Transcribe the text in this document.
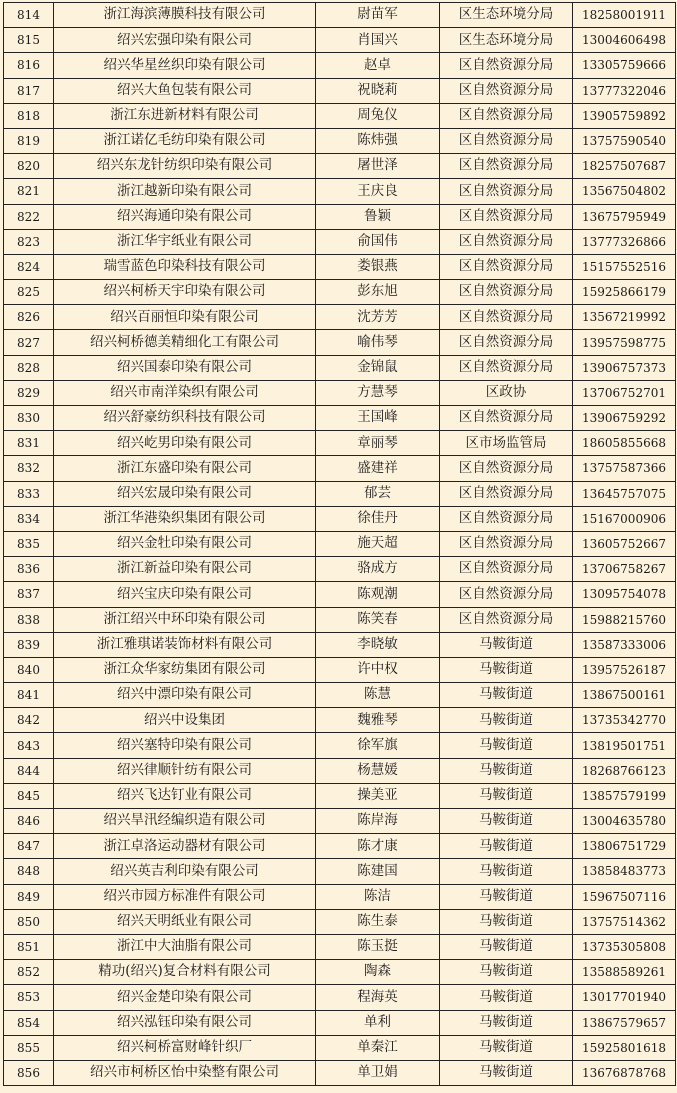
814	浙江海滨薄膜科技有限公司	尉苗军	区生态环境分局	18258001911
815	绍兴宏强印染有限公司	肖国兴	区生态环境分局	13004606498
816	绍兴华星丝织印染有限公司	赵卓	区自然资源分局	13305759666
817	绍兴大鱼包装有限公司	祝晓莉	区自然资源分局	13777322046
818	浙江东进新材料有限公司	周兔仪	区自然资源分局	13905759892
819	浙江诺亿毛纺印染有限公司	陈炜强	区自然资源分局	13757590540
820	绍兴东龙针纺织印染有限公司	屠世泽	区自然资源分局	18257507687
821	浙江越新印染有限公司	王庆良	区自然资源分局	13567504802
822	绍兴海通印染有限公司	鲁颖	区自然资源分局	13675795949
823	浙江华宇纸业有限公司	俞国伟	区自然资源分局	13777326866
824	瑞雪蓝色印染科技有限公司	娄银燕	区自然资源分局	15157552516
825	绍兴柯桥天宇印染有限公司	彭东旭	区自然资源分局	15925866179
826	绍兴百丽恒印染有限公司	沈芳芳	区自然资源分局	13567219992
827	绍兴柯桥德美精细化工有限公司	喻伟琴	区自然资源分局	13957598775
828	绍兴国泰印染有限公司	金锦鼠	区自然资源分局	13906757373
829	绍兴市南洋染织有限公司	方慧琴	区政协	13706752701
830	绍兴舒豪纺织科技有限公司	王国峰	区自然资源分局	13906759292
831	绍兴屹男印染有限公司	章丽琴	区市场监管局	18605855668
832	浙江东盛印染有限公司	盛建祥	区自然资源分局	13757587366
833	绍兴宏晟印染有限公司	郁芸	区自然资源分局	13645757075
834	浙江华港染织集团有限公司	徐佳丹	区自然资源分局	15167000906
835	绍兴金牡印染有限公司	施天超	区自然资源分局	13605752667
836	浙江新益印染有限公司	骆成方	区自然资源分局	13706758267
837	绍兴宝庆印染有限公司	陈观潮	区自然资源分局	13095754078
838	浙江绍兴中环印染有限公司	陈笑春	区自然资源分局	15988215760
839	浙江雅琪诺装饰材料有限公司	李晓敏	马鞍街道	13587333006
840	浙江众华家纺集团有限公司	许中权	马鞍街道	13957526187
841	绍兴中漂印染有限公司	陈慧	马鞍街道	13867500161
842	绍兴中设集团	魏雅琴	马鞍街道	13735342770
843	绍兴塞特印染有限公司	徐军旗	马鞍街道	13819501751
844	绍兴律顺针纺有限公司	杨慧媛	马鞍街道	18268766123
845	绍兴飞达钉业有限公司	操美亚	马鞍街道	13857579199
846	绍兴旱汛经编织造有限公司	陈岸海	马鞍街道	13004635780
847	浙江卓洛运动器材有限公司	陈才康	马鞍街道	13806751729
848	绍兴英吉利印染有限公司	陈建国	马鞍街道	13858483773
849	绍兴市园方标准件有限公司	陈洁	马鞍街道	15967507116
850	绍兴天明纸业有限公司	陈生泰	马鞍街道	13757514362
851	浙江中大油脂有限公司	陈玉挺	马鞍街道	13735305808
852	精功(绍兴)复合材料有限公司	陶森	马鞍街道	13588589261
853	绍兴金楚印染有限公司	程海英	马鞍街道	13017701940
854	绍兴泓钰印染有限公司	单利	马鞍街道	13867579657
855	绍兴柯桥富财峰针织厂	单秦江	马鞍街道	15925801618
856	绍兴市柯桥区怡中染整有限公司	单卫娟	马鞍街道	13676878768
